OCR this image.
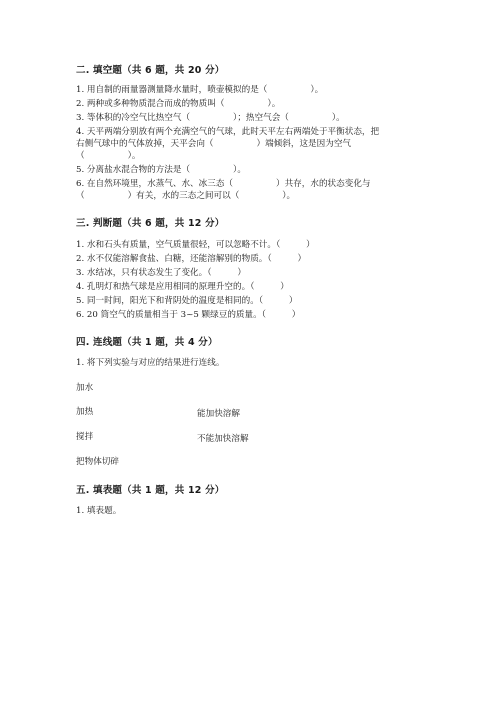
二. 填空题（共 6 题，共 20 分）
1. 用自制的雨量器测量降水量时，喷壶模拟的是（　　　　　）。
2. 两种或多种物质混合而成的物质叫（　　　　　）。
3. 等体积的冷空气比热空气（　　　　　）；热空气会（　　　　　）。
4. 天平两端分别放有两个充满空气的气球，此时天平左右两端处于平衡状态，把
右侧气球中的气体放掉，天平会向（　　　　　）端倾斜，这是因为空气
（　　　　　）。
5. 分离盐水混合物的方法是（　　　　　）。
6. 在自然环境里，水蒸气、水、冰三态（　　　　　）共存，水的状态变化与
（　　　　　）有关，水的三态之间可以（　　　　　）。
三. 判断题（共 6 题，共 12 分）
1. 水和石头有质量，空气质量很轻，可以忽略不计。（　　　）
2. 水不仅能溶解食盐、白糖，还能溶解别的物质。（　　　）
3. 水结冰，只有状态发生了变化。（　　　）
4. 孔明灯和热气球是应用相同的原理升空的。（　　　）
5. 同一时间，阳光下和背阴处的温度是相同的。（　　　）
6. 20 筒空气的质量相当于 3~5 颗绿豆的质量。（　　　）
四. 连线题（共 1 题，共 4 分）
1. 将下列实验与对应的结果进行连线。
加水
加热	能加快溶解
搅拌	不能加快溶解
把物体切碎
五. 填表题（共 1 题，共 12 分）
1. 填表题。
